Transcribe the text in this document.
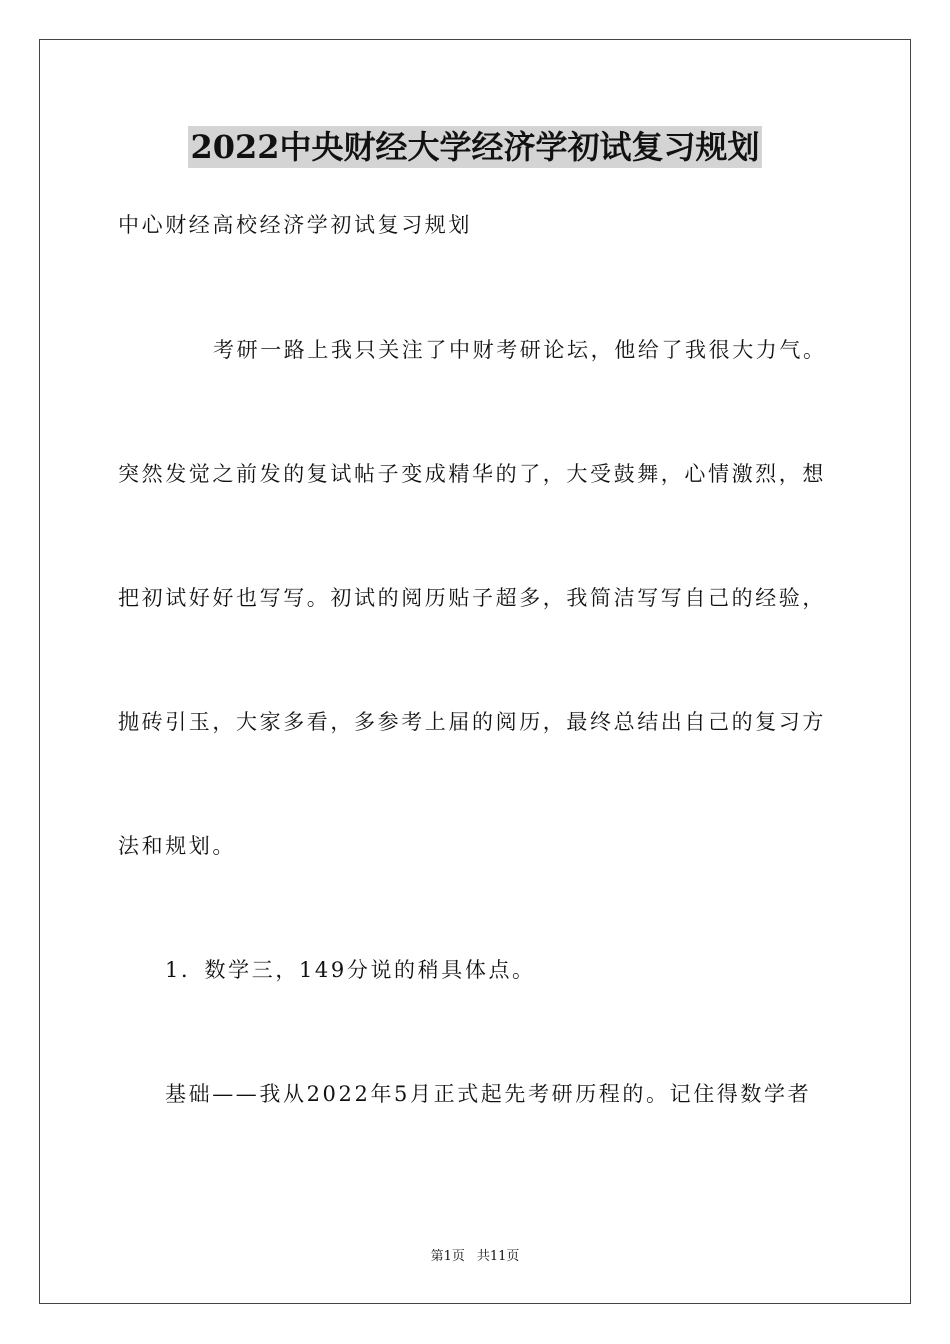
2022中央财经大学经济学初试复习规划
中心财经高校经济学初试复习规划
考研一路上我只关注了中财考研论坛，他给了我很大力气。
突然发觉之前发的复试帖子变成精华的了，大受鼓舞，心情激烈，想
把初试好好也写写。初试的阅历贴子超多，我简洁写写自己的经验，
抛砖引玉，大家多看，多参考上届的阅历，最终总结出自己的复习方
法和规划。
1．数学三，149分说的稍具体点。
基础——我从2022年5月正式起先考研历程的。记住得数学者
第1页 共11页
